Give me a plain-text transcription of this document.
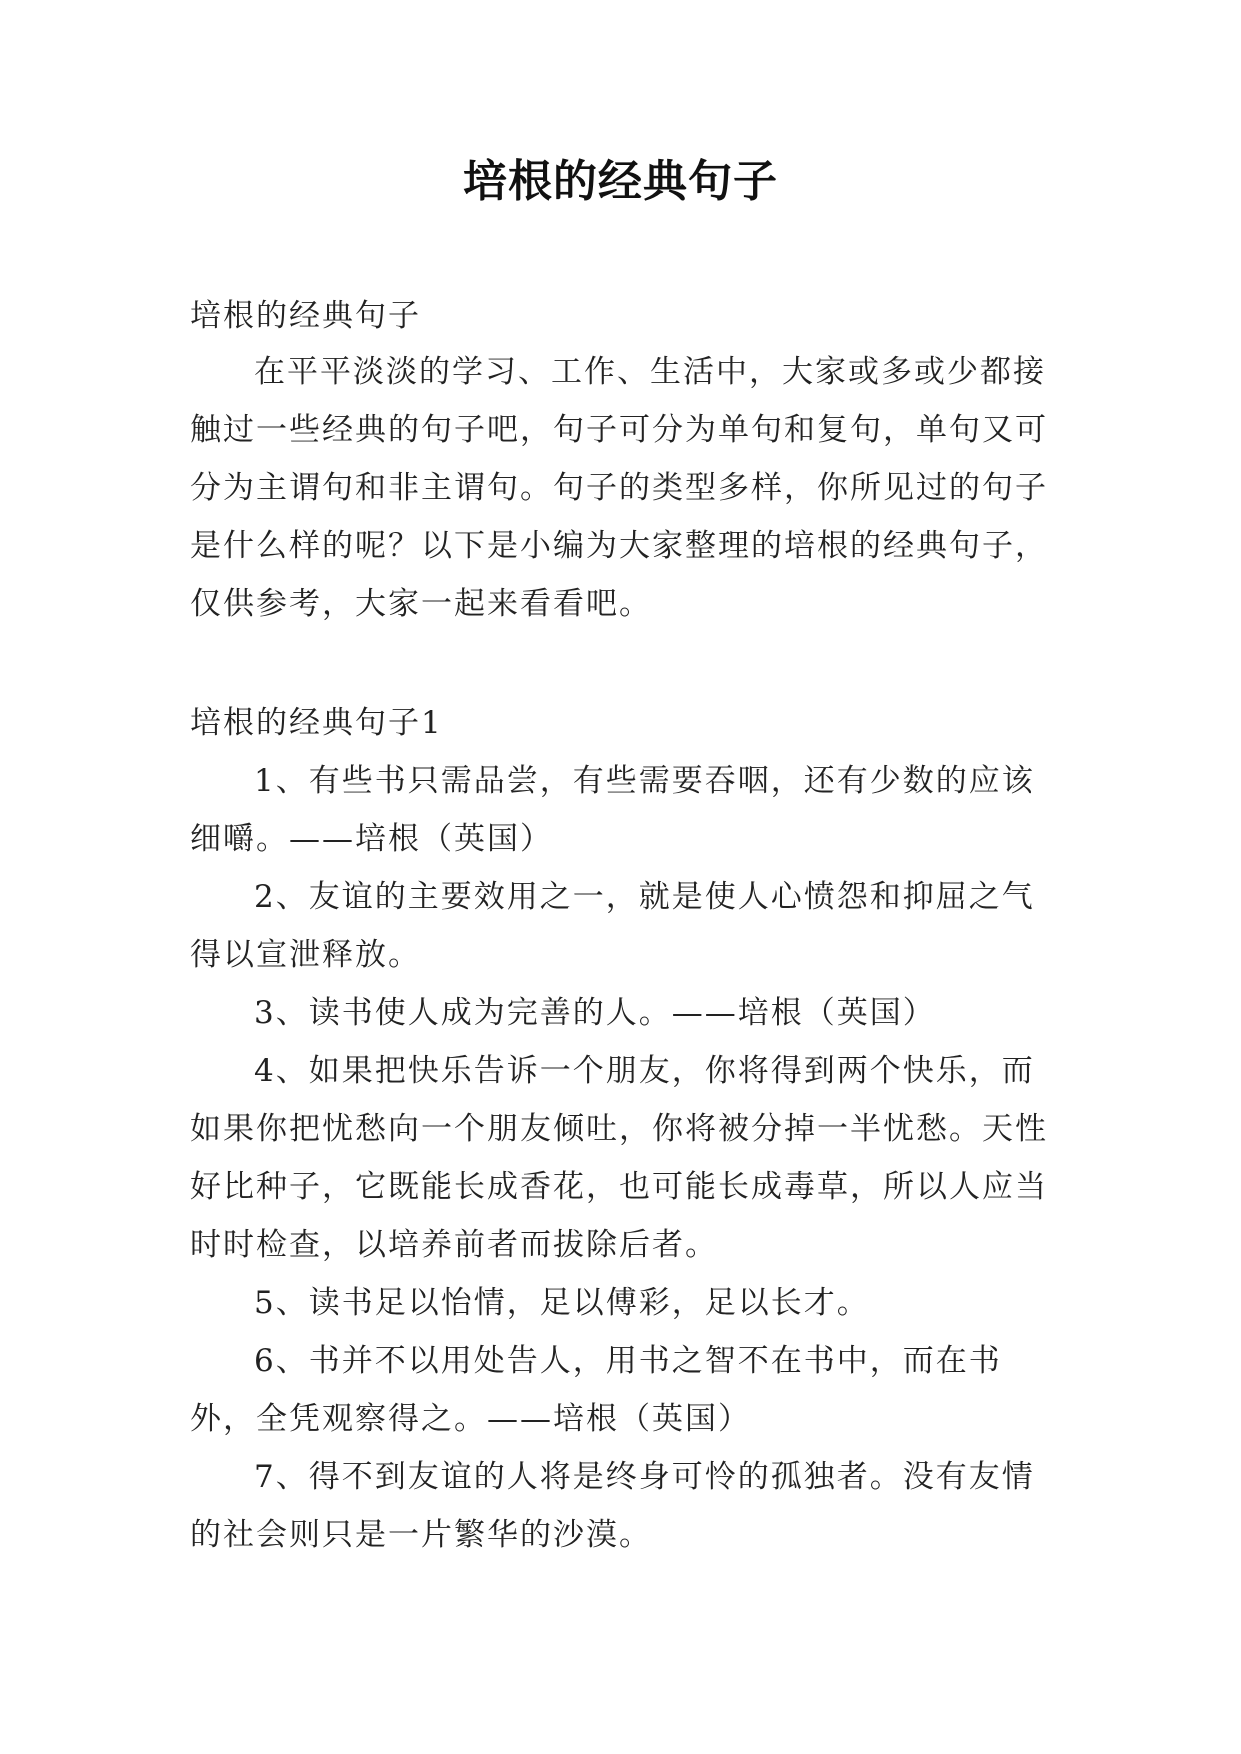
培根的经典句子

培根的经典句子

在平平淡淡的学习、工作、生活中，大家或多或少都接触过一些经典的句子吧，句子可分为单句和复句，单句又可分为主谓句和非主谓句。句子的类型多样，你所见过的句子是什么样的呢？以下是小编为大家整理的培根的经典句子，仅供参考，大家一起来看看吧。

培根的经典句子1

1、有些书只需品尝，有些需要吞咽，还有少数的应该细嚼。——培根（英国）

2、友谊的主要效用之一，就是使人心愤怨和抑屈之气得以宣泄释放。

3、读书使人成为完善的人。——培根（英国）

4、如果把快乐告诉一个朋友，你将得到两个快乐，而如果你把忧愁向一个朋友倾吐，你将被分掉一半忧愁。天性好比种子，它既能长成香花，也可能长成毒草，所以人应当时时检查，以培养前者而拔除后者。

5、读书足以怡情，足以傅彩，足以长才。

6、书并不以用处告人，用书之智不在书中，而在书外，全凭观察得之。——培根（英国）

7、得不到友谊的人将是终身可怜的孤独者。没有友情的社会则只是一片繁华的沙漠。
